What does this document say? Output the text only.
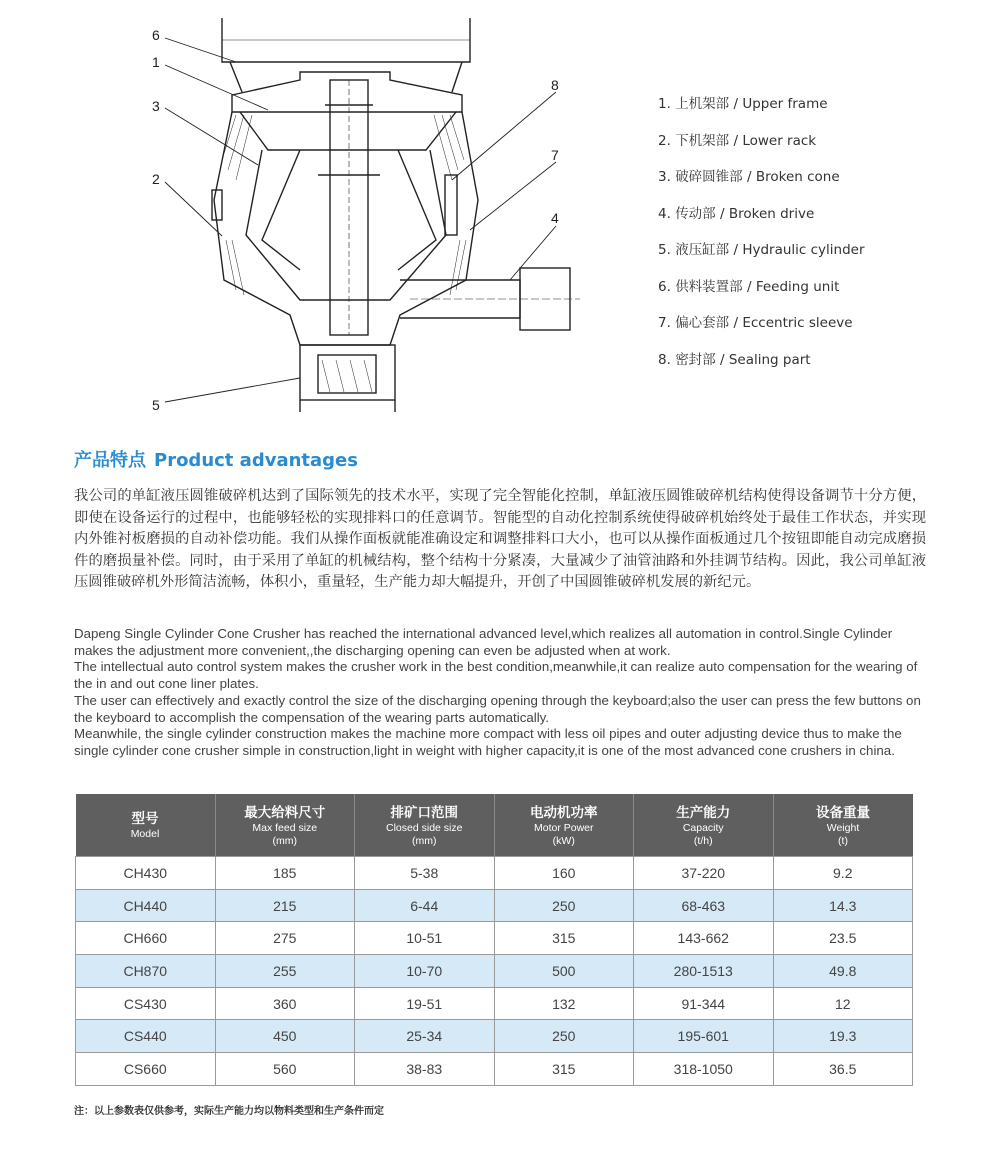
6
1
3
2
5
8
7
4
1. 上机架部 / Upper frame
2. 下机架部 / Lower rack
3. 破碎圆锥部 / Broken cone
4. 传动部 / Broken drive
5. 液压缸部 / Hydraulic cylinder
6. 供料装置部 / Feeding unit
7. 偏心套部 / Eccentric sleeve
8. 密封部 / Sealing part
产品特点 Product advantages

我公司的单缸液压圆锥破碎机达到了国际领先的技术水平，实现了完全智能化控制，单缸液压圆锥破碎机结构使得设备调节十分方便，即使在设备运行的过程中，也能够轻松的实现排料口的任意调节。智能型的自动化控制系统使得破碎机始终处于最佳工作状态，并实现内外锥衬板磨损的自动补偿功能。我们从操作面板就能准确设定和调整排料口大小，也可以从操作面板通过几个按钮即能自动完成磨损件的磨损量补偿。同时，由于采用了单缸的机械结构，整个结构十分紧凑，大量减少了油管油路和外挂调节结构。因此，我公司单缸液压圆锥破碎机外形简洁流畅，体积小，重量轻，生产能力却大幅提升，开创了中国圆锥破碎机发展的新纪元。

Dapeng Single Cylinder Cone Crusher has reached the international advanced level,which realizes all automation in control.Single Cylinder makes the adjustment more convenient,,the discharging opening can even be adjusted when at work.

The intellectual auto control system makes the crusher work in the best condition,meanwhile,it can realize auto compensation for the wearing of the in and out cone liner plates.

The user can effectively and exactly control the size of the discharging opening through the keyboard;also the user can press the few buttons on the keyboard to accomplish the compensation of the wearing parts automatically.

Meanwhile, the single cylinder construction makes the machine more compact with less oil pipes and outer adjusting device thus to make the single cylinder cone crusher simple in construction,light in weight with higher capacity,it is one of the most advanced cone crushers in china.

型号
Model	最大给料尺寸
Max feed size
(mm)	排矿口范围
Closed side size
(mm)	电动机功率
Motor Power
(kW)	生产能力
Capacity
(t/h)	设备重量
Weight
(t)

CH430	185	5-38	160	37-220	9.2
CH440	215	6-44	250	68-463	14.3
CH660	275	10-51	315	143-662	23.5
CH870	255	10-70	500	280-1513	49.8
CS430	360	19-51	132	91-344	12
CS440	450	25-34	250	195-601	19.3
CS660	560	38-83	315	318-1050	36.5
注：以上参数表仅供参考，实际生产能力均以物料类型和生产条件而定
